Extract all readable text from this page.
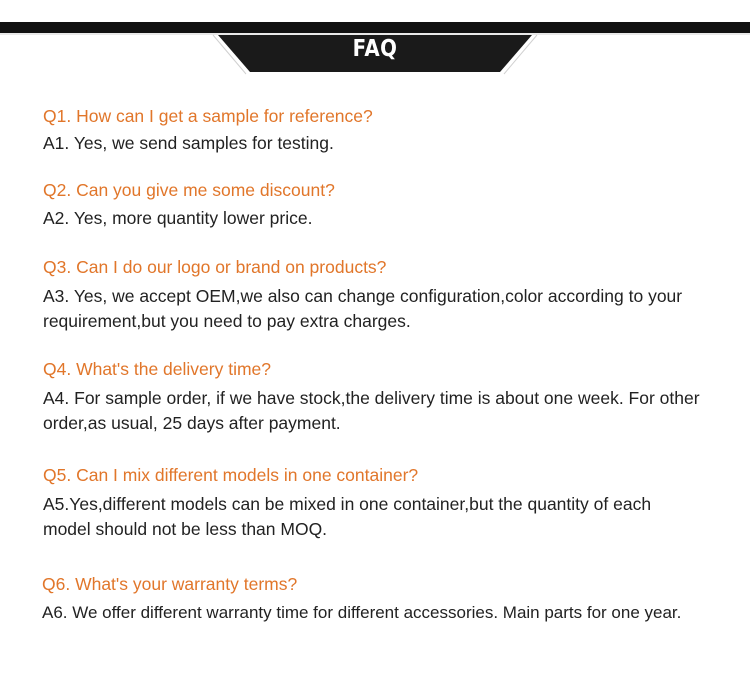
FAQ
Q1. How can I get a sample for reference?
A1. Yes, we send samples for testing.
Q2. Can you give me some discount?
A2. Yes, more quantity lower price.
Q3. Can I do our logo or brand on products?
A3. Yes, we accept OEM,we also can change configuration,color according to your requirement,but you need to pay extra charges.
Q4. What's the delivery time?
A4. For sample order, if we have stock,the delivery time is about one week. For other order,as usual, 25 days after payment.
Q5. Can I mix different models in one container?
A5.Yes,different models can be mixed in one container,but the quantity of each model should not be less than MOQ.
Q6. What's your warranty terms?
A6. We offer different warranty time for different accessories. Main parts for one year.
